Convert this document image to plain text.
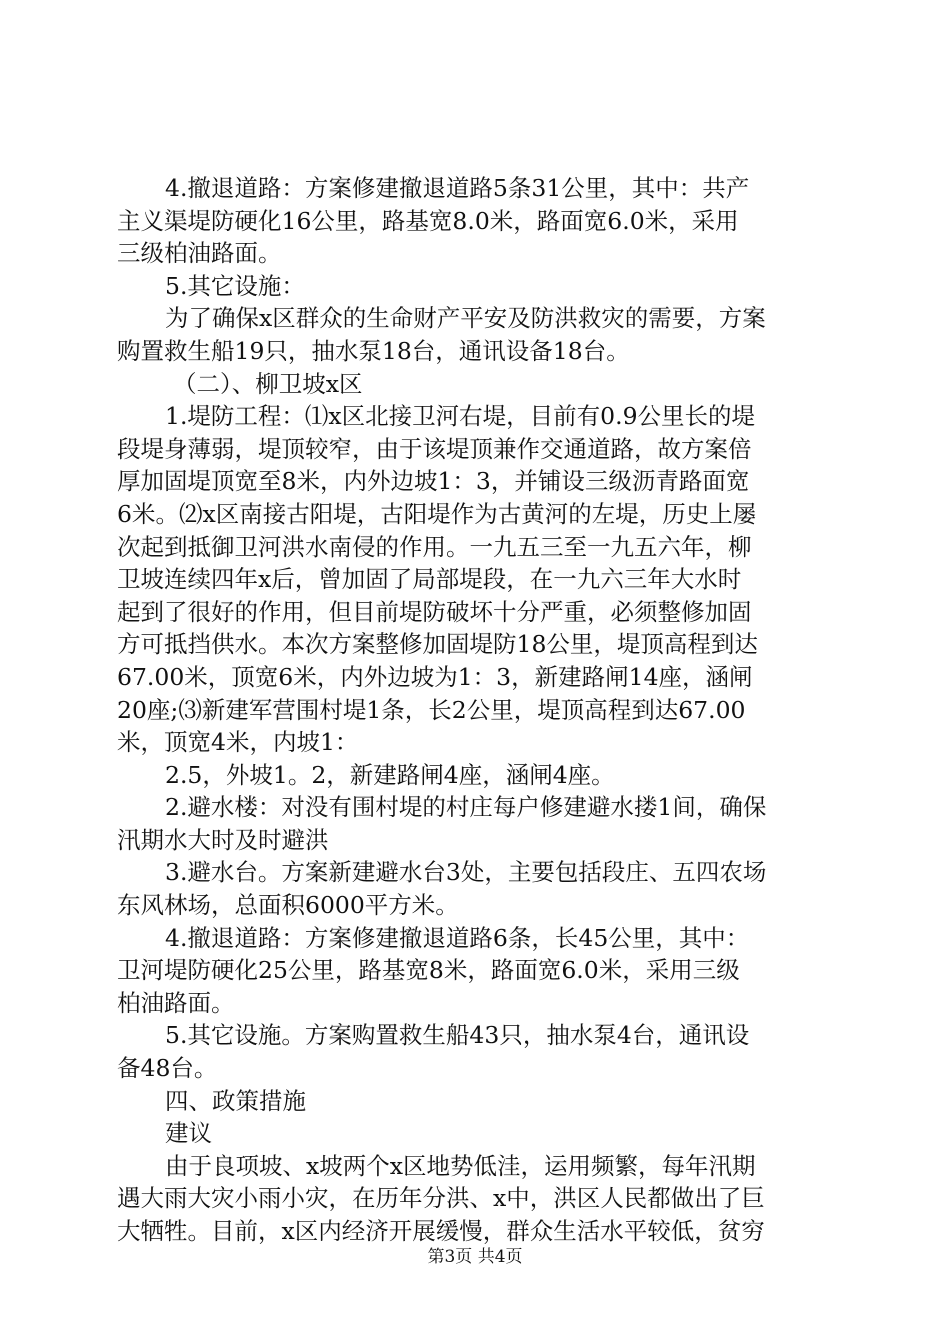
4.撤退道路：方案修建撤退道路5条31公里，其中：共产
主义渠堤防硬化16公里，路基宽8.0米，路面宽6.0米，采用
三级柏油路面。
5.其它设施：
为了确保x区群众的生命财产平安及防洪救灾的需要，方案
购置救生船19只，抽水泵18台，通讯设备18台。
（二）、柳卫坡x区
1.堤防工程：⑴x区北接卫河右堤，目前有0.9公里长的堤
段堤身薄弱，堤顶较窄，由于该堤顶兼作交通道路，故方案倍
厚加固堤顶宽至8米，内外边坡1：3，并铺设三级沥青路面宽
6米。⑵x区南接古阳堤，古阳堤作为古黄河的左堤，历史上屡
次起到抵御卫河洪水南侵的作用。一九五三至一九五六年，柳
卫坡连续四年x后，曾加固了局部堤段，在一九六三年大水时
起到了很好的作用，但目前堤防破坏十分严重，必须整修加固
方可抵挡供水。本次方案整修加固堤防18公里，堤顶高程到达
67.00米，顶宽6米，内外边坡为1：3，新建路闸14座，涵闸
20座;⑶新建军营围村堤1条，长2公里，堤顶高程到达67.00
米，顶宽4米，内坡1：
2.5，外坡1。2，新建路闸4座，涵闸4座。
2.避水楼：对没有围村堤的村庄每户修建避水搂1间，确保
汛期水大时及时避洪
3.避水台。方案新建避水台3处，主要包括段庄、五四农场
东风林场，总面积6000平方米。
4.撤退道路：方案修建撤退道路6条，长45公里，其中：
卫河堤防硬化25公里，路基宽8米，路面宽6.0米，采用三级
柏油路面。
5.其它设施。方案购置救生船43只，抽水泵4台，通讯设
备48台。
四、政策措施
建议
由于良项坡、x坡两个x区地势低洼，运用频繁，每年汛期
遇大雨大灾小雨小灾，在历年分洪、x中，洪区人民都做出了巨
大牺牲。目前，x区内经济开展缓慢，群众生活水平较低，贫穷
第3页 共4页
